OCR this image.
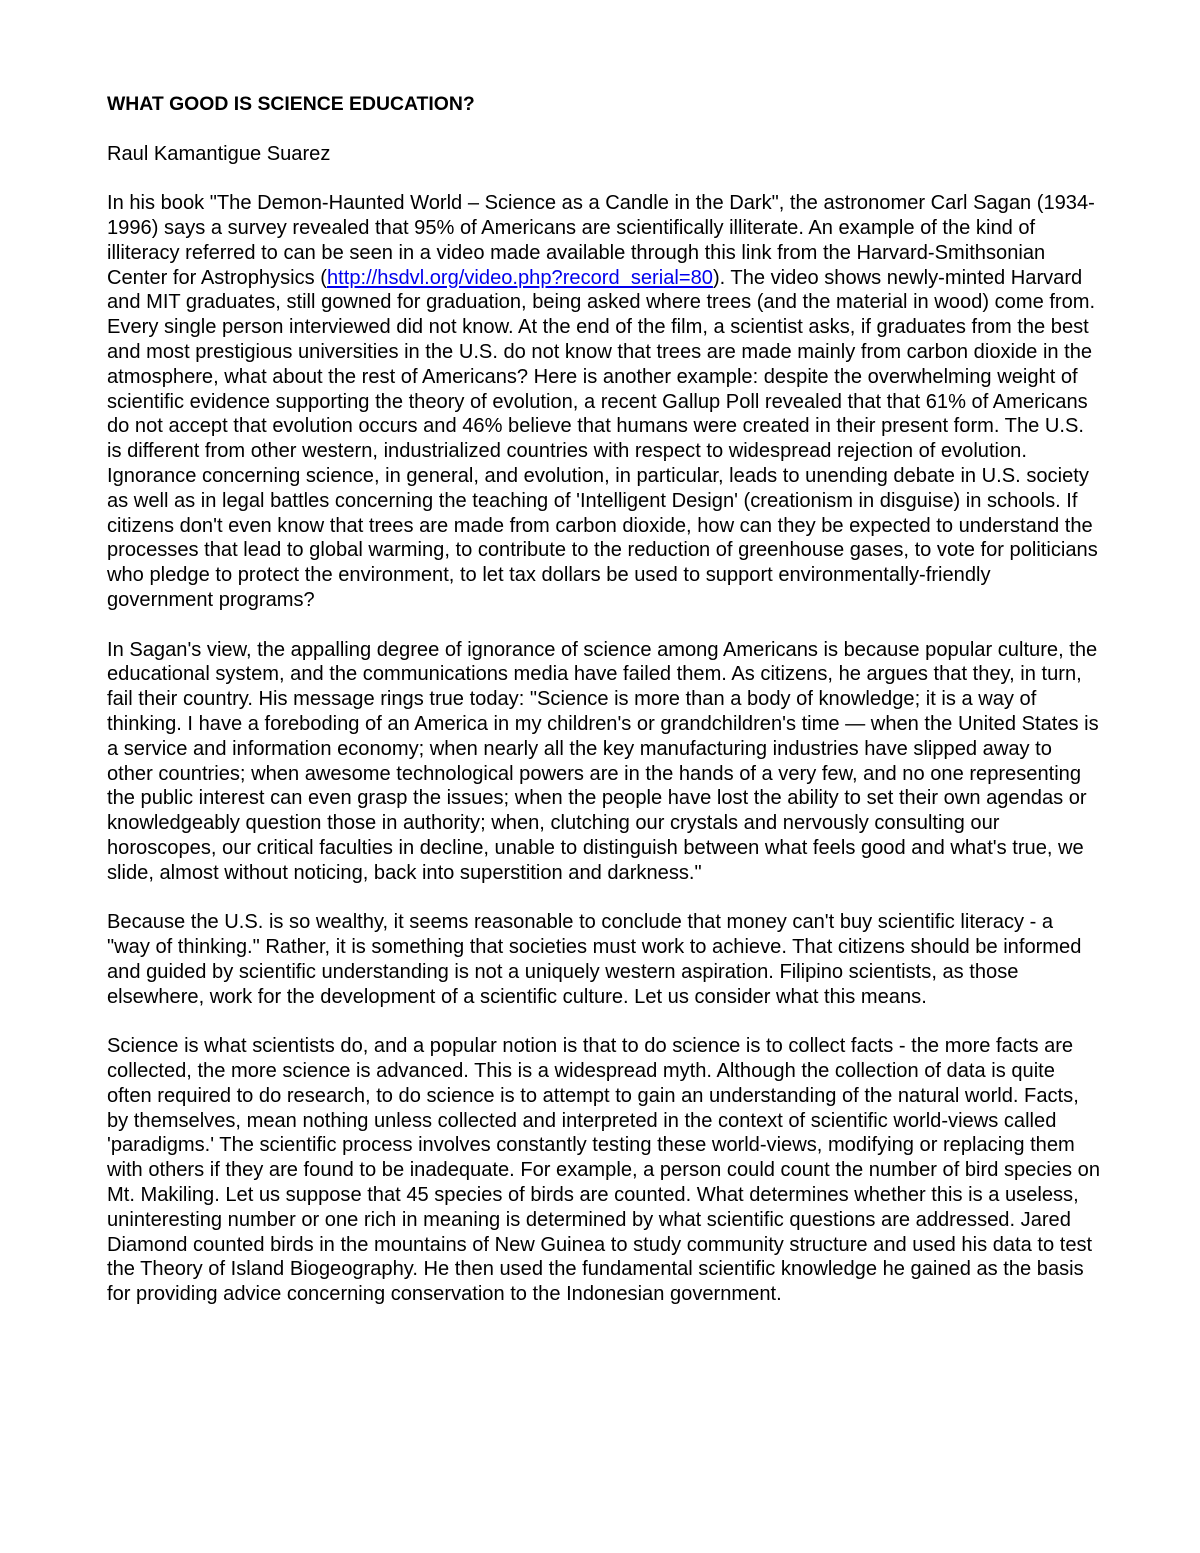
WHAT GOOD IS SCIENCE EDUCATION?
Raul Kamantigue Suarez

In his book "The Demon-Haunted World – Science as a Candle in the Dark", the astronomer Carl Sagan (1934-1996) says a survey revealed that 95% of Americans are scientifically illiterate. An example of the kind of illiteracy referred to can be seen in a video made available through this link from the Harvard-Smithsonian Center for Astrophysics (http://hsdvl.org/video.php?record_serial=80). The video shows newly-minted Harvard and MIT graduates, still gowned for graduation, being asked where trees (and the material in wood) come from. Every single person interviewed did not know. At the end of the film, a scientist asks, if graduates from the best and most prestigious universities in the U.S. do not know that trees are made mainly from carbon dioxide in the atmosphere, what about the rest of Americans? Here is another example: despite the overwhelming weight of scientific evidence supporting the theory of evolution, a recent Gallup Poll revealed that that 61% of Americans do not accept that evolution occurs and 46% believe that humans were created in their present form. The U.S. is different from other western, industrialized countries with respect to widespread rejection of evolution. Ignorance concerning science, in general, and evolution, in particular, leads to unending debate in U.S. society as well as in legal battles concerning the teaching of 'Intelligent Design' (creationism in disguise) in schools. If citizens don't even know that trees are made from carbon dioxide, how can they be expected to understand the processes that lead to global warming, to contribute to the reduction of greenhouse gases, to vote for politicians who pledge to protect the environment, to let tax dollars be used to support environmentally-friendly government programs?

In Sagan's view, the appalling degree of ignorance of science among Americans is because popular culture, the educational system, and the communications media have failed them. As citizens, he argues that they, in turn, fail their country. His message rings true today: "Science is more than a body of knowledge; it is a way of thinking. I have a foreboding of an America in my children's or grandchildren's time — when the United States is a service and information economy; when nearly all the key manufacturing industries have slipped away to other countries; when awesome technological powers are in the hands of a very few, and no one representing the public interest can even grasp the issues; when the people have lost the ability to set their own agendas or knowledgeably question those in authority; when, clutching our crystals and nervously consulting our horoscopes, our critical faculties in decline, unable to distinguish between what feels good and what's true, we slide, almost without noticing, back into superstition and darkness."

Because the U.S. is so wealthy, it seems reasonable to conclude that money can't buy scientific literacy - a "way of thinking." Rather, it is something that societies must work to achieve. That citizens should be informed and guided by scientific understanding is not a uniquely western aspiration. Filipino scientists, as those elsewhere, work for the development of a scientific culture. Let us consider what this means.

Science is what scientists do, and a popular notion is that to do science is to collect facts - the more facts are collected, the more science is advanced. This is a widespread myth. Although the collection of data is quite often required to do research, to do science is to attempt to gain an understanding of the natural world. Facts, by themselves, mean nothing unless collected and interpreted in the context of scientific world-views called 'paradigms.' The scientific process involves constantly testing these world-views, modifying or replacing them with others if they are found to be inadequate. For example, a person could count the number of bird species on Mt. Makiling. Let us suppose that 45 species of birds are counted. What determines whether this is a useless, uninteresting number or one rich in meaning is determined by what scientific questions are addressed. Jared Diamond counted birds in the mountains of New Guinea to study community structure and used his data to test the Theory of Island Biogeography. He then used the fundamental scientific knowledge he gained as the basis for providing advice concerning conservation to the Indonesian government.
